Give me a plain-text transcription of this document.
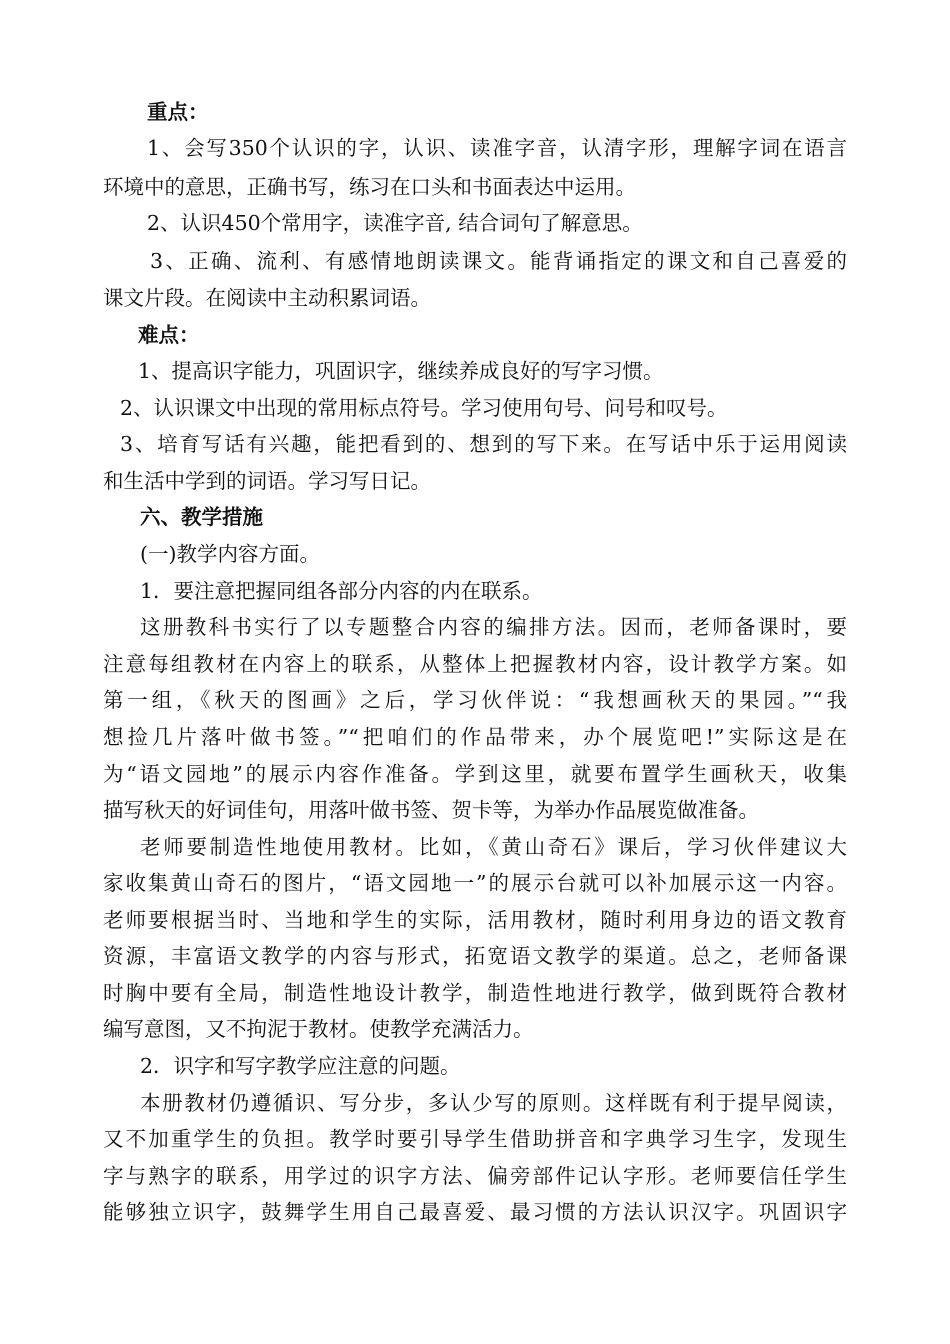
重点：
1、会写350个认识的字，认识、读准字音，认清字形，理解字词在语言
环境中的意思，正确书写，练习在口头和书面表达中运用。
2、认识450个常用字，读准字音, 结合词句了解意思。
3、正确、流利、有感情地朗读课文。能背诵指定的课文和自己喜爱的
课文片段。在阅读中主动积累词语。
难点：
1、提高识字能力，巩固识字，继续养成良好的写字习惯。
2、认识课文中出现的常用标点符号。学习使用句号、问号和叹号。
3、培育写话有兴趣，能把看到的、想到的写下来。在写话中乐于运用阅读
和生活中学到的词语。学习写日记。
六、教学措施
(一)教学内容方面。
1．要注意把握同组各部分内容的内在联系。
这册教科书实行了以专题整合内容的编排方法。因而，老师备课时，要
注意每组教材在内容上的联系，从整体上把握教材内容，设计教学方案。如
第一组，《秋天的图画》之后，学习伙伴说：“我想画秋天的果园。”“我
想捡几片落叶做书签。”“把咱们的作品带来，办个展览吧!”实际这是在
为“语文园地”的展示内容作准备。学到这里，就要布置学生画秋天，收集
描写秋天的好词佳句，用落叶做书签、贺卡等，为举办作品展览做准备。
老师要制造性地使用教材。比如，《黄山奇石》课后，学习伙伴建议大
家收集黄山奇石的图片，“语文园地一”的展示台就可以补加展示这一内容。
老师要根据当时、当地和学生的实际，活用教材，随时利用身边的语文教育
资源，丰富语文教学的内容与形式，拓宽语文教学的渠道。总之，老师备课
时胸中要有全局，制造性地设计教学，制造性地进行教学，做到既符合教材
编写意图，又不拘泥于教材。使教学充满活力。
2．识字和写字教学应注意的问题。
本册教材仍遵循识、写分步，多认少写的原则。这样既有利于提早阅读，
又不加重学生的负担。教学时要引导学生借助拼音和字典学习生字，发现生
字与熟字的联系，用学过的识字方法、偏旁部件记认字形。老师要信任学生
能够独立识字，鼓舞学生用自己最喜爱、最习惯的方法认识汉字。巩固识字
